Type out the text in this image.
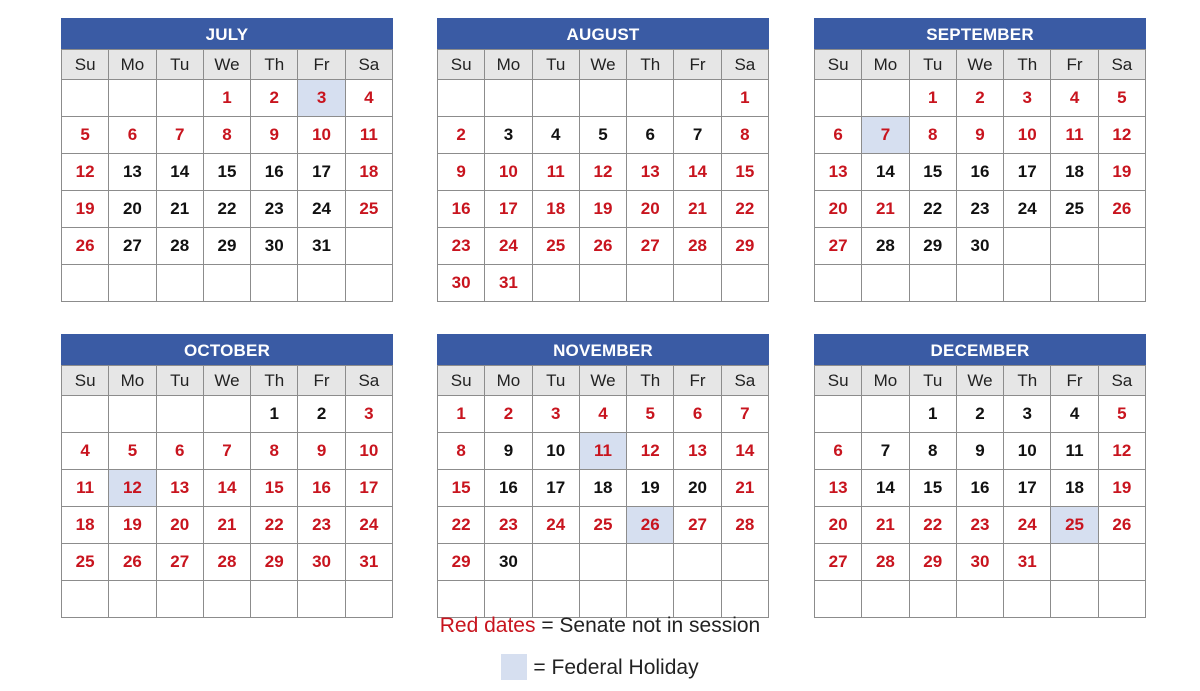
JULY
Su	Mo	Tu	We	Th	Fr	Sa
			1	2	3	4
5	6	7	8	9	10	11
12	13	14	15	16	17	18
19	20	21	22	23	24	25
26	27	28	29	30	31	

AUGUST
Su	Mo	Tu	We	Th	Fr	Sa
						1
2	3	4	5	6	7	8
9	10	11	12	13	14	15
16	17	18	19	20	21	22
23	24	25	26	27	28	29
30	31					
SEPTEMBER
Su	Mo	Tu	We	Th	Fr	Sa
		1	2	3	4	5
6	7	8	9	10	11	12
13	14	15	16	17	18	19
20	21	22	23	24	25	26
27	28	29	30			

OCTOBER
Su	Mo	Tu	We	Th	Fr	Sa
				1	2	3
4	5	6	7	8	9	10
11	12	13	14	15	16	17
18	19	20	21	22	23	24
25	26	27	28	29	30	31

NOVEMBER
Su	Mo	Tu	We	Th	Fr	Sa
1	2	3	4	5	6	7
8	9	10	11	12	13	14
15	16	17	18	19	20	21
22	23	24	25	26	27	28
29	30					

DECEMBER
Su	Mo	Tu	We	Th	Fr	Sa
		1	2	3	4	5
6	7	8	9	10	11	12
13	14	15	16	17	18	19
20	21	22	23	24	25	26
27	28	29	30	31		

Red dates = Senate not in session
= Federal Holiday
